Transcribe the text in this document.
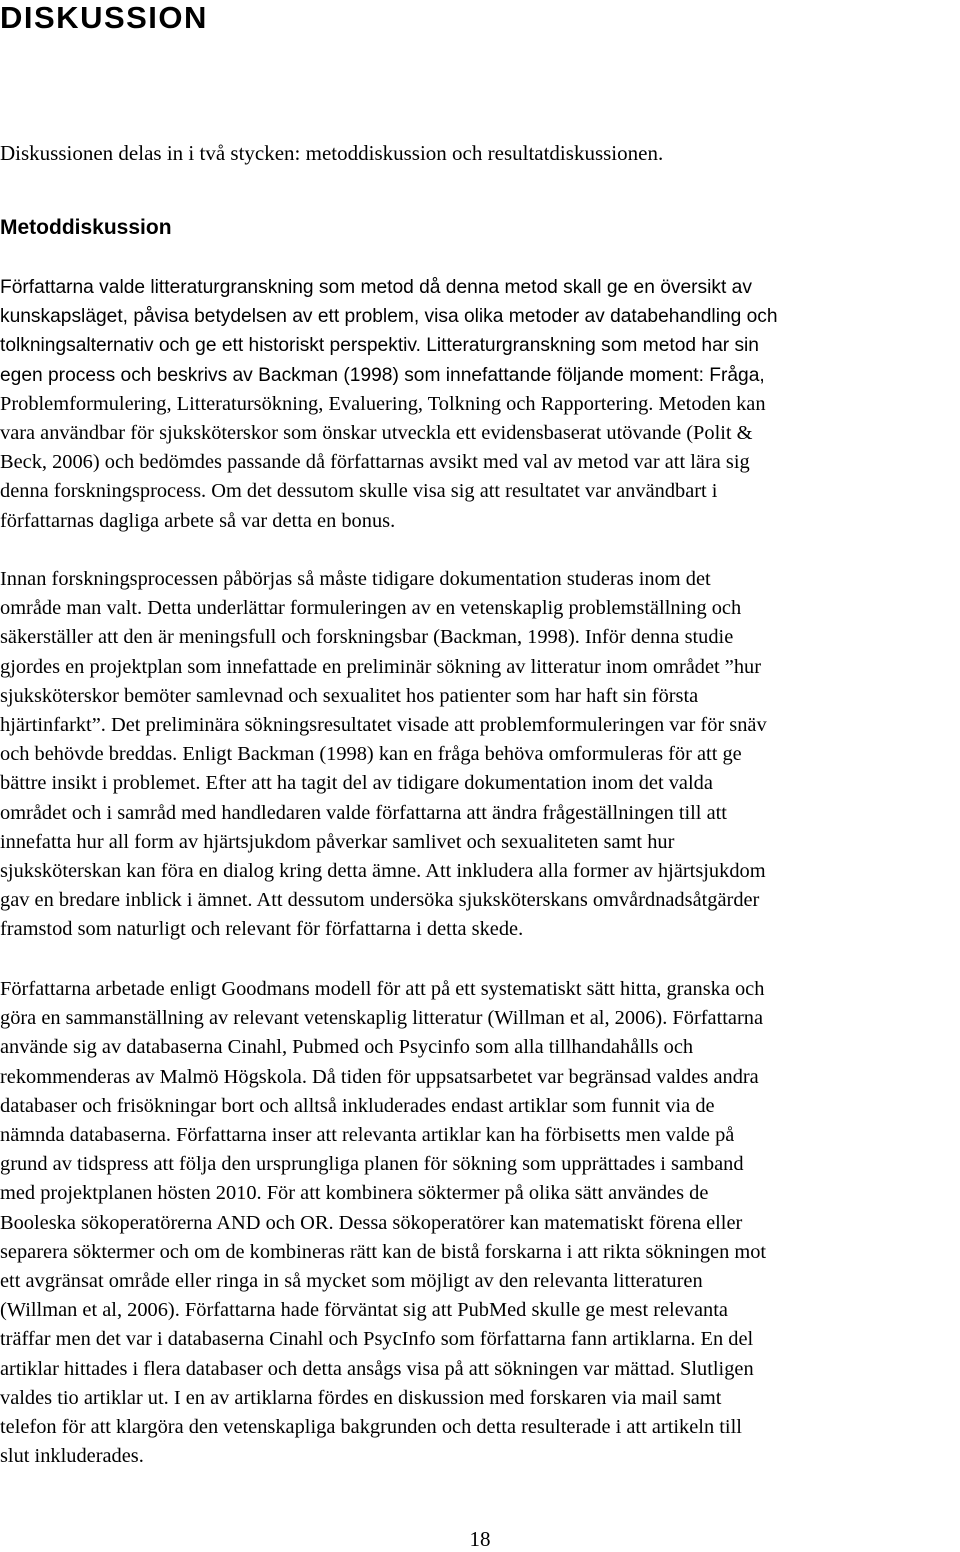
DISKUSSION

Diskussionen delas in i två stycken: metoddiskussion och resultatdiskussionen.

Metoddiskussion

Författarna valde litteraturgranskning som metod då denna metod skall ge en översikt av
kunskapsläget, påvisa betydelsen av ett problem, visa olika metoder av databehandling och
tolkningsalternativ och ge ett historiskt perspektiv. Litteraturgranskning som metod har sin
egen process och beskrivs av Backman (1998) som innefattande följande moment: Fråga,
Problemformulering, Litteratursökning, Evaluering, Tolkning och Rapportering. Metoden kan
vara användbar för sjuksköterskor som önskar utveckla ett evidensbaserat utövande (Polit &
Beck, 2006) och bedömdes passande då författarnas avsikt med val av metod var att lära sig
denna forskningsprocess. Om det dessutom skulle visa sig att resultatet var användbart i
författarnas dagliga arbete så var detta en bonus.

Innan forskningsprocessen påbörjas så måste tidigare dokumentation studeras inom det
område man valt. Detta underlättar formuleringen av en vetenskaplig problemställning och
säkerställer att den är meningsfull och forskningsbar (Backman, 1998). Inför denna studie
gjordes en projektplan som innefattade en preliminär sökning av litteratur inom området ”hur
sjuksköterskor bemöter samlevnad och sexualitet hos patienter som har haft sin första
hjärtinfarkt”. Det preliminära sökningsresultatet visade att problemformuleringen var för snäv
och behövde breddas. Enligt Backman (1998) kan en fråga behöva omformuleras för att ge
bättre insikt i problemet. Efter att ha tagit del av tidigare dokumentation inom det valda
området och i samråd med handledaren valde författarna att ändra frågeställningen till att
innefatta hur all form av hjärtsjukdom påverkar samlivet och sexualiteten samt hur
sjuksköterskan kan föra en dialog kring detta ämne. Att inkludera alla former av hjärtsjukdom
gav en bredare inblick i ämnet. Att dessutom undersöka sjuksköterskans omvårdnadsåtgärder
framstod som naturligt och relevant för författarna i detta skede.

Författarna arbetade enligt Goodmans modell för att på ett systematiskt sätt hitta, granska och
göra en sammanställning av relevant vetenskaplig litteratur (Willman et al, 2006). Författarna
använde sig av databaserna Cinahl, Pubmed och Psycinfo som alla tillhandahålls och
rekommenderas av Malmö Högskola. Då tiden för uppsatsarbetet var begränsad valdes andra
databaser och frisökningar bort och alltså inkluderades endast artiklar som funnit via de
nämnda databaserna. Författarna inser att relevanta artiklar kan ha förbisetts men valde på
grund av tidspress att följa den ursprungliga planen för sökning som upprättades i samband
med projektplanen hösten 2010. För att kombinera söktermer på olika sätt användes de
Booleska sökoperatörerna AND och OR. Dessa sökoperatörer kan matematiskt förena eller
separera söktermer och om de kombineras rätt kan de bistå forskarna i att rikta sökningen mot
ett avgränsat område eller ringa in så mycket som möjligt av den relevanta litteraturen
(Willman et al, 2006). Författarna hade förväntat sig att PubMed skulle ge mest relevanta
träffar men det var i databaserna Cinahl och PsycInfo som författarna fann artiklarna. En del
artiklar hittades i flera databaser och detta ansågs visa på att sökningen var mättad. Slutligen
valdes tio artiklar ut. I en av artiklarna fördes en diskussion med forskaren via mail samt
telefon för att klargöra den vetenskapliga bakgrunden och detta resulterade i att artikeln till
slut inkluderades.

18
